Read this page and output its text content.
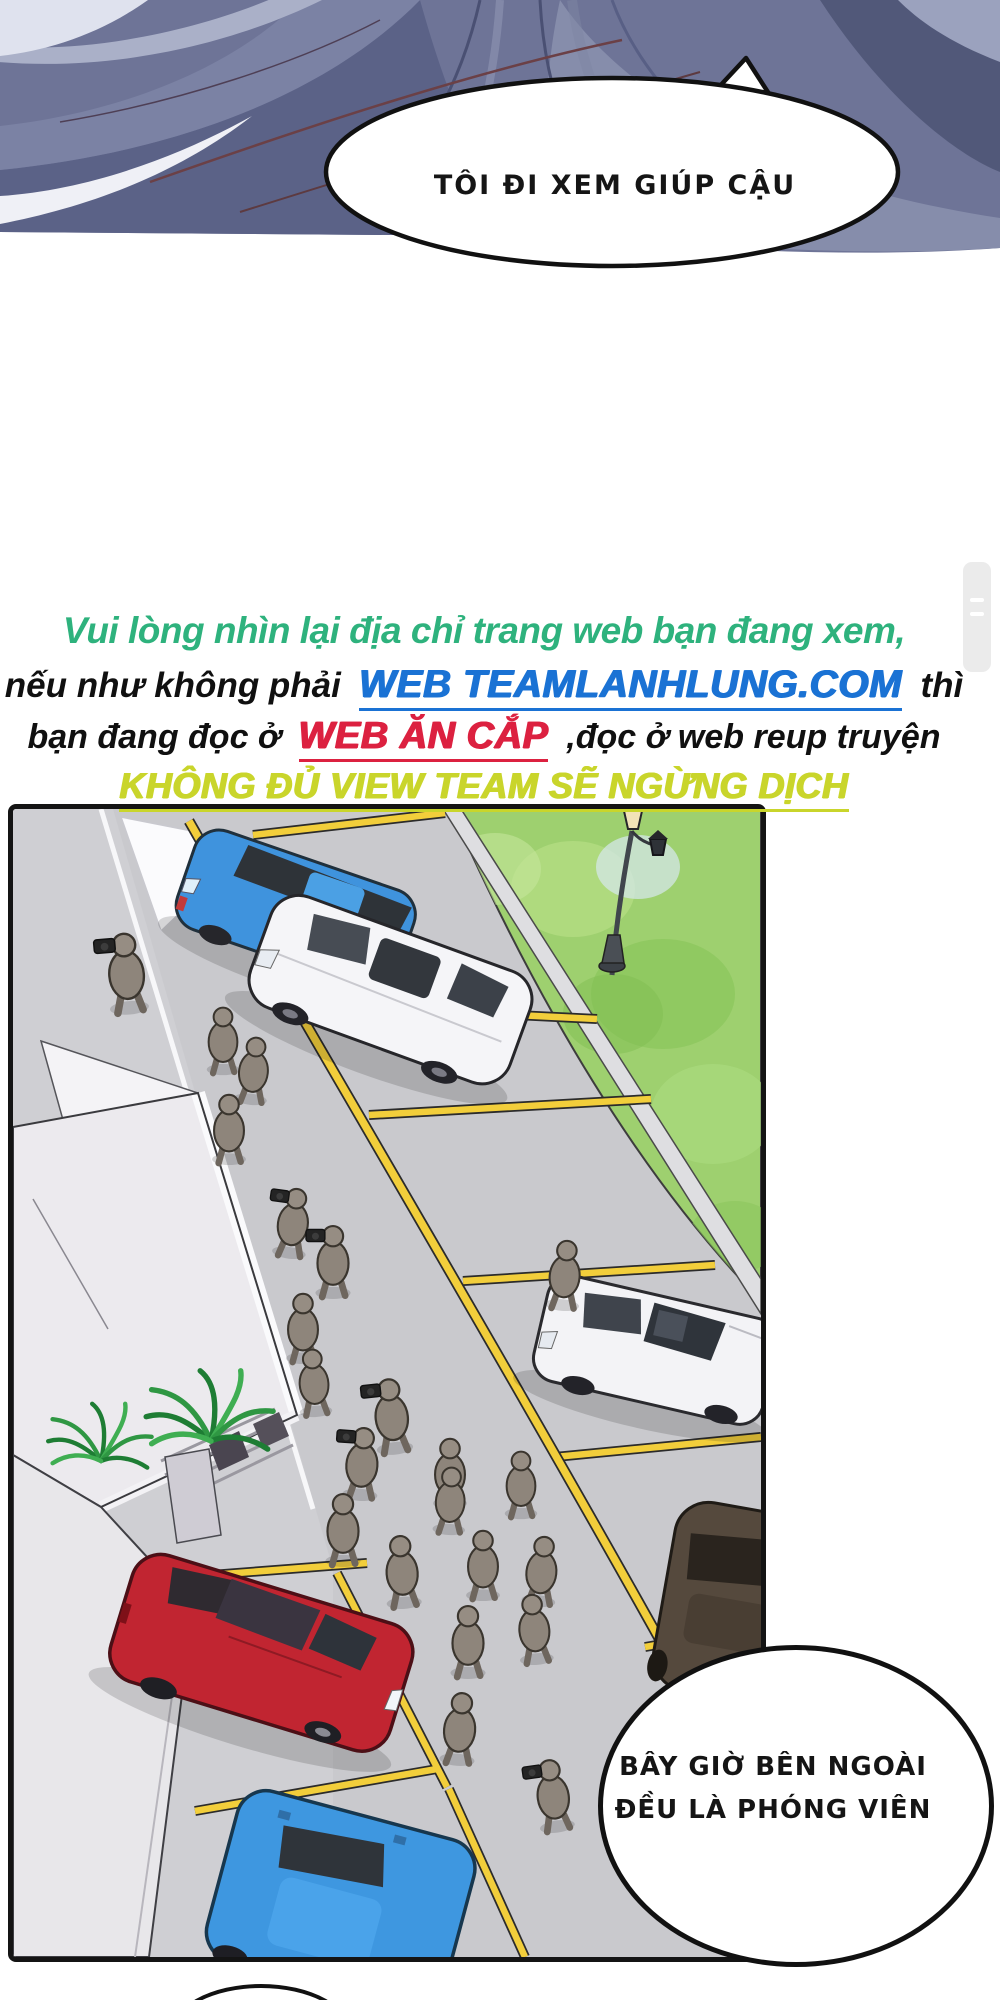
TÔI ĐI XEM GIÚP CẬU
Vui lòng nhìn lại địa chỉ trang web bạn đang xem,
nếu như không phải WEB TEAMLANHLUNG.COM thì
bạn đang đọc ở WEB ĂN CẮP ,đọc ở web reup truyện
KHÔNG ĐỦ VIEW TEAM SẼ NGỪNG DỊCH
BÂY GIỜ BÊN NGOÀI
ĐỀU LÀ PHÓNG VIÊN
